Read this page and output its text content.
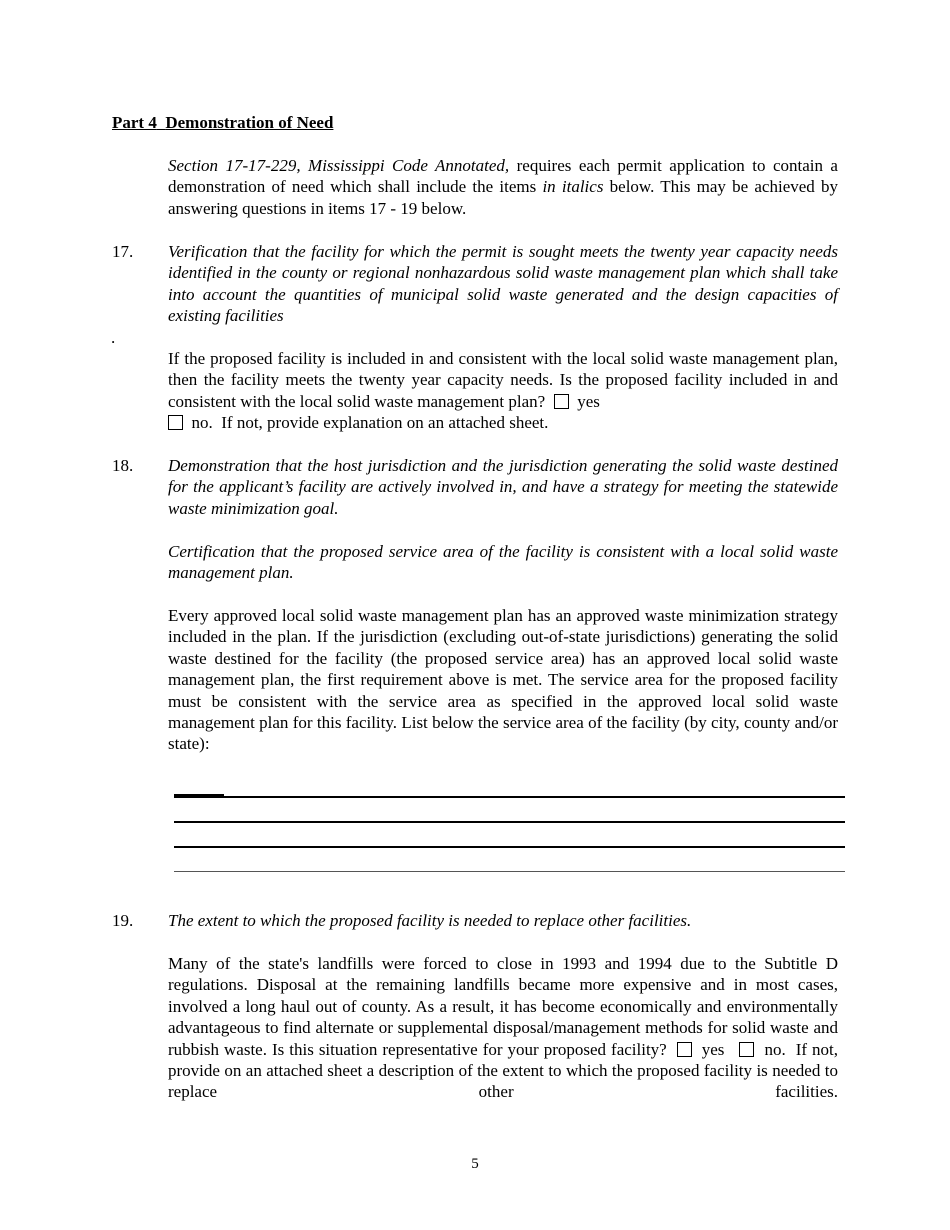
Part 4 Demonstration of Need

Section 17-17-229, Mississippi Code Annotated, requires each permit application to contain a demonstration of need which shall include the items in italics below. This may be achieved by answering questions in items 17 - 19 below.

17. Verification that the facility for which the permit is sought meets the twenty year capacity needs identified in the county or regional nonhazardous solid waste management plan which shall take into account the quantities of municipal solid waste generated and the design capacities of existing facilities

.

If the proposed facility is included in and consistent with the local solid waste management plan, then the facility meets the twenty year capacity needs. Is the proposed facility included in and consistent with the local solid waste management plan? yes
no. If not, provide explanation on an attached sheet.

18. Demonstration that the host jurisdiction and the jurisdiction generating the solid waste destined for the applicant’s facility are actively involved in, and have a strategy for meeting the statewide waste minimization goal.

Certification that the proposed service area of the facility is consistent with a local solid waste management plan.

Every approved local solid waste management plan has an approved waste minimization strategy included in the plan. If the jurisdiction (excluding out-of-state jurisdictions) generating the solid waste destined for the facility (the proposed service area) has an approved local solid waste management plan, the first requirement above is met. The service area for the proposed facility must be consistent with the service area as specified in the approved local solid waste management plan for this facility. List below the service area of the facility (by city, county and/or state):

19. The extent to which the proposed facility is needed to replace other facilities.

Many of the state's landfills were forced to close in 1993 and 1994 due to the Subtitle D regulations. Disposal at the remaining landfills became more expensive and in most cases, involved a long haul out of county. As a result, it has become economically and environmentally advantageous to find alternate or supplemental disposal/management methods for solid waste and rubbish waste. Is this situation representative for your proposed facility? yes no. If not, provide on an attached sheet a description of the extent to which the proposed facility is needed to replace other facilities.

5
